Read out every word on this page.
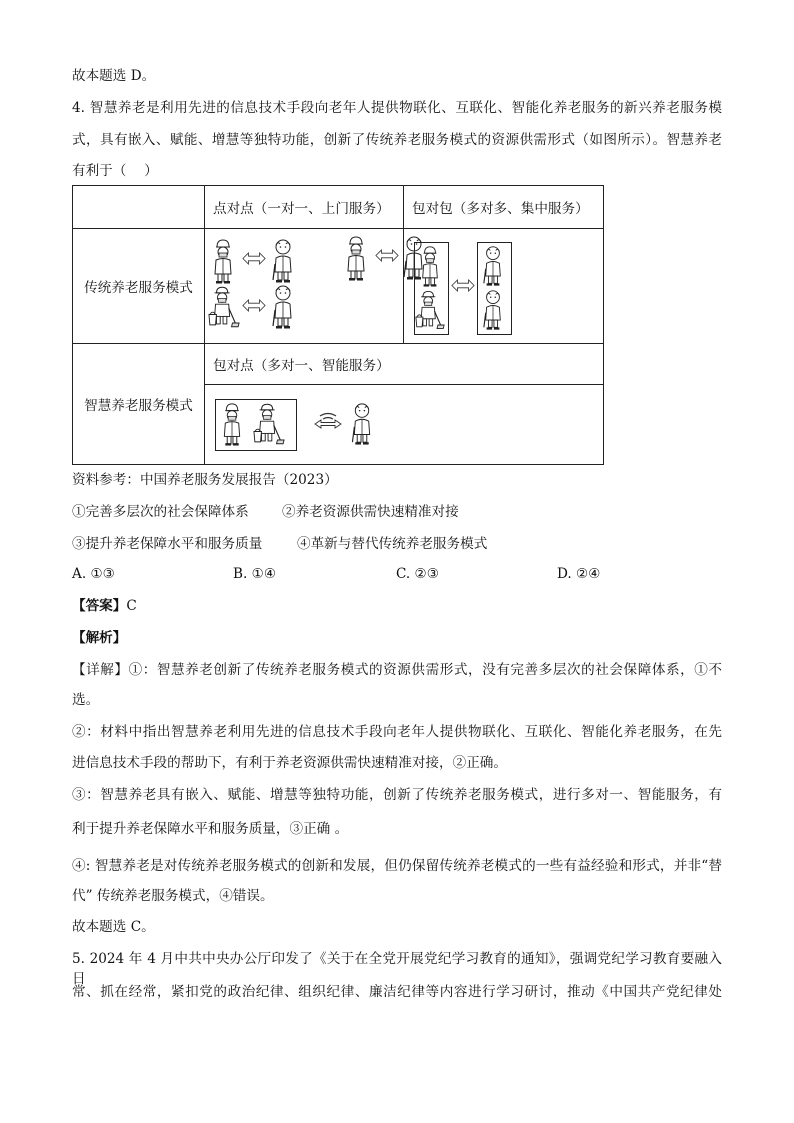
故本题选 D。
4. 智慧养老是利用先进的信息技术手段向老年人提供物联化、互联化、智能化养老服务的新兴养老服务模
式，具有嵌入、赋能、增慧等独特功能，创新了传统养老服务模式的资源供需形式（如图所示）。智慧养老
有利于（　 ）
	点对点（一对一、上门服务）	包对包（多对多、集中服务）
传统养老服务模式	

智慧养老服务模式	包对点（多对一、智能服务）	

资料参考：中国养老服务发展报告（2023）
①完善多层次的社会保障体系 ②养老资源供需快速精准对接
③提升养老保障水平和服务质量	④革新与替代传统养老服务模式
A. ①③	B. ①④	C. ②③	D. ②④
【答案】C
【解析】
【详解】①：智慧养老创新了传统养老服务模式的资源供需形式，没有完善多层次的社会保障体系，①不
选。
②：材料中指出智慧养老利用先进的信息技术手段向老年人提供物联化、互联化、智能化养老服务，在先
进信息技术手段的帮助下，有利于养老资源供需快速精准对接，②正确。
③：智慧养老具有嵌入、赋能、增慧等独特功能，创新了传统养老服务模式，进行多对一、智能服务，有
利于提升养老保障水平和服务质量，③正确 。
④: 智慧养老是对传统养老服务模式的创新和发展，但仍保留传统养老模式的一些有益经验和形式，并非“替
代” 传统养老服务模式，④错误。
故本题选 C。
5. 2024 年 4 月中共中央办公厅印发了《关于在全党开展党纪学习教育的通知》，强调党纪学习教育要融入日
常、抓在经常，紧扣党的政治纪律、组织纪律、廉洁纪律等内容进行学习研讨，推动《中国共产党纪律处
